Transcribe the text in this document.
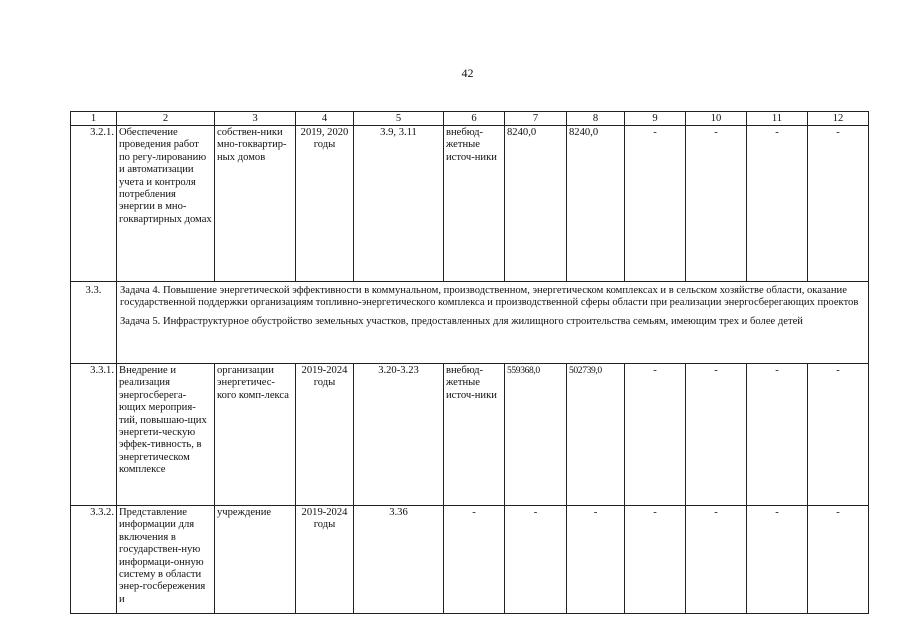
42
1	2	3	4	5	6	7	8	9	10	11	12
3.2.1.	Обеспечение проведения работ по регу-лированию и автоматизации учета и контроля потребления энергии в мно-гоквартирных домах	собствен-ники мно-гоквартир-ных домов	2019, 2020 годы	3.9, 3.11	внебюд-жетные источ-ники	8240,0	8240,0	-	-	-	-
3.3.	Задача 4. Повышение энергетической эффективности в коммунальном, производственном, энергетическом комплексах и в сельском хозяйстве области, оказание государственной поддержки организациям топливно-энергетического комплекса и производственной сферы области при реализации энергосберегающих проектов

Задача 5. Инфраструктурное обустройство земельных участков, предоставленных для жилищного строительства семьям, имеющим трех и более детей										

3.3.1.	Внедрение и реализация энергосберега-ющих мероприя-тий, повышаю-щих энергети-ческую эффек-тивность, в энергетическом комплексе	организации энергетичес-кого комп-лекса	2019-2024 годы	3.20-3.23	внебюд-жетные источ-ники	559368,0	502739,0	-	-	-	-
3.3.2.	Представление информации для включения в государствен-ную информаци-онную систему в области энер-госбережения и	учреждение	2019-2024 годы	3.36	-	-	-	-	-	-	-
